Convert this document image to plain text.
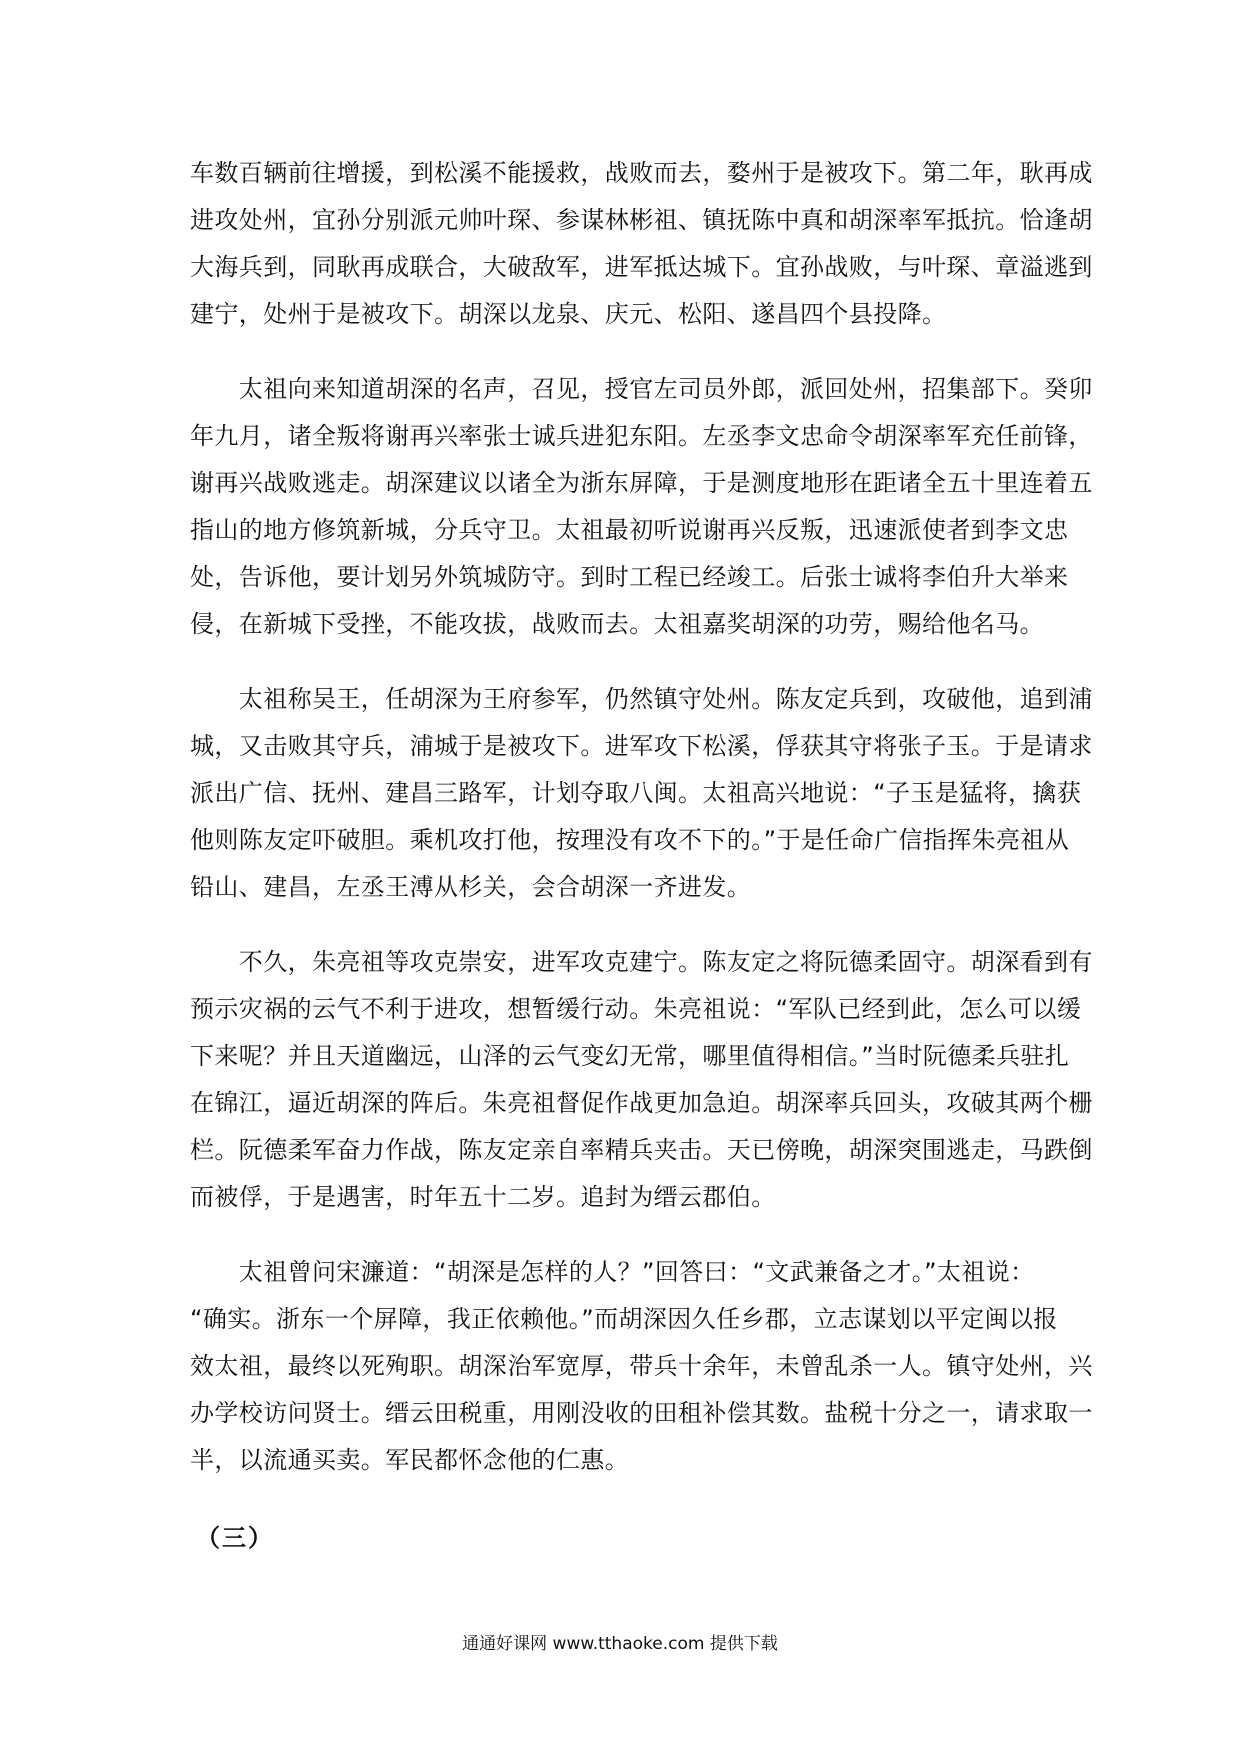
车数百辆前往增援，到松溪不能援救，战败而去，婺州于是被攻下。第二年，耿再成
进攻处州，宜孙分别派元帅叶琛、参谋林彬祖、镇抚陈中真和胡深率军抵抗。恰逢胡
大海兵到，同耿再成联合，大破敌军，进军抵达城下。宜孙战败，与叶琛、章溢逃到
建宁，处州于是被攻下。胡深以龙泉、庆元、松阳、遂昌四个县投降。
　　太祖向来知道胡深的名声，召见，授官左司员外郎，派回处州，招集部下。癸卯
年九月，诸全叛将谢再兴率张士诚兵进犯东阳。左丞李文忠命令胡深率军充任前锋，
谢再兴战败逃走。胡深建议以诸全为浙东屏障，于是测度地形在距诸全五十里连着五
指山的地方修筑新城，分兵守卫。太祖最初听说谢再兴反叛，迅速派使者到李文忠
处，告诉他，要计划另外筑城防守。到时工程已经竣工。后张士诚将李伯升大举来
侵，在新城下受挫，不能攻拔，战败而去。太祖嘉奖胡深的功劳，赐给他名马。
　　太祖称吴王，任胡深为王府参军，仍然镇守处州。陈友定兵到，攻破他，追到浦
城，又击败其守兵，浦城于是被攻下。进军攻下松溪，俘获其守将张子玉。于是请求
派出广信、抚州、建昌三路军，计划夺取八闽。太祖高兴地说：“子玉是猛将，擒获
他则陈友定吓破胆。乘机攻打他，按理没有攻不下的。”于是任命广信指挥朱亮祖从
铅山、建昌，左丞王溥从杉关，会合胡深一齐进发。
　　不久，朱亮祖等攻克崇安，进军攻克建宁。陈友定之将阮德柔固守。胡深看到有
预示灾祸的云气不利于进攻，想暂缓行动。朱亮祖说：“军队已经到此，怎么可以缓
下来呢？并且天道幽远，山泽的云气变幻无常，哪里值得相信。”当时阮德柔兵驻扎
在锦江，逼近胡深的阵后。朱亮祖督促作战更加急迫。胡深率兵回头，攻破其两个栅
栏。阮德柔军奋力作战，陈友定亲自率精兵夹击。天已傍晚，胡深突围逃走，马跌倒
而被俘，于是遇害，时年五十二岁。追封为缙云郡伯。
　　太祖曾问宋濂道：“胡深是怎样的人？”回答曰：“文武兼备之才。”太祖说：
“确实。浙东一个屏障，我正依赖他。”而胡深因久任乡郡，立志谋划以平定闽以报
效太祖，最终以死殉职。胡深治军宽厚，带兵十余年，未曾乱杀一人。镇守处州，兴
办学校访问贤士。缙云田税重，用刚没收的田租补偿其数。盐税十分之一，请求取一
半，以流通买卖。军民都怀念他的仁惠。
（三）
通通好课网 www.tthaoke.com 提供下载
